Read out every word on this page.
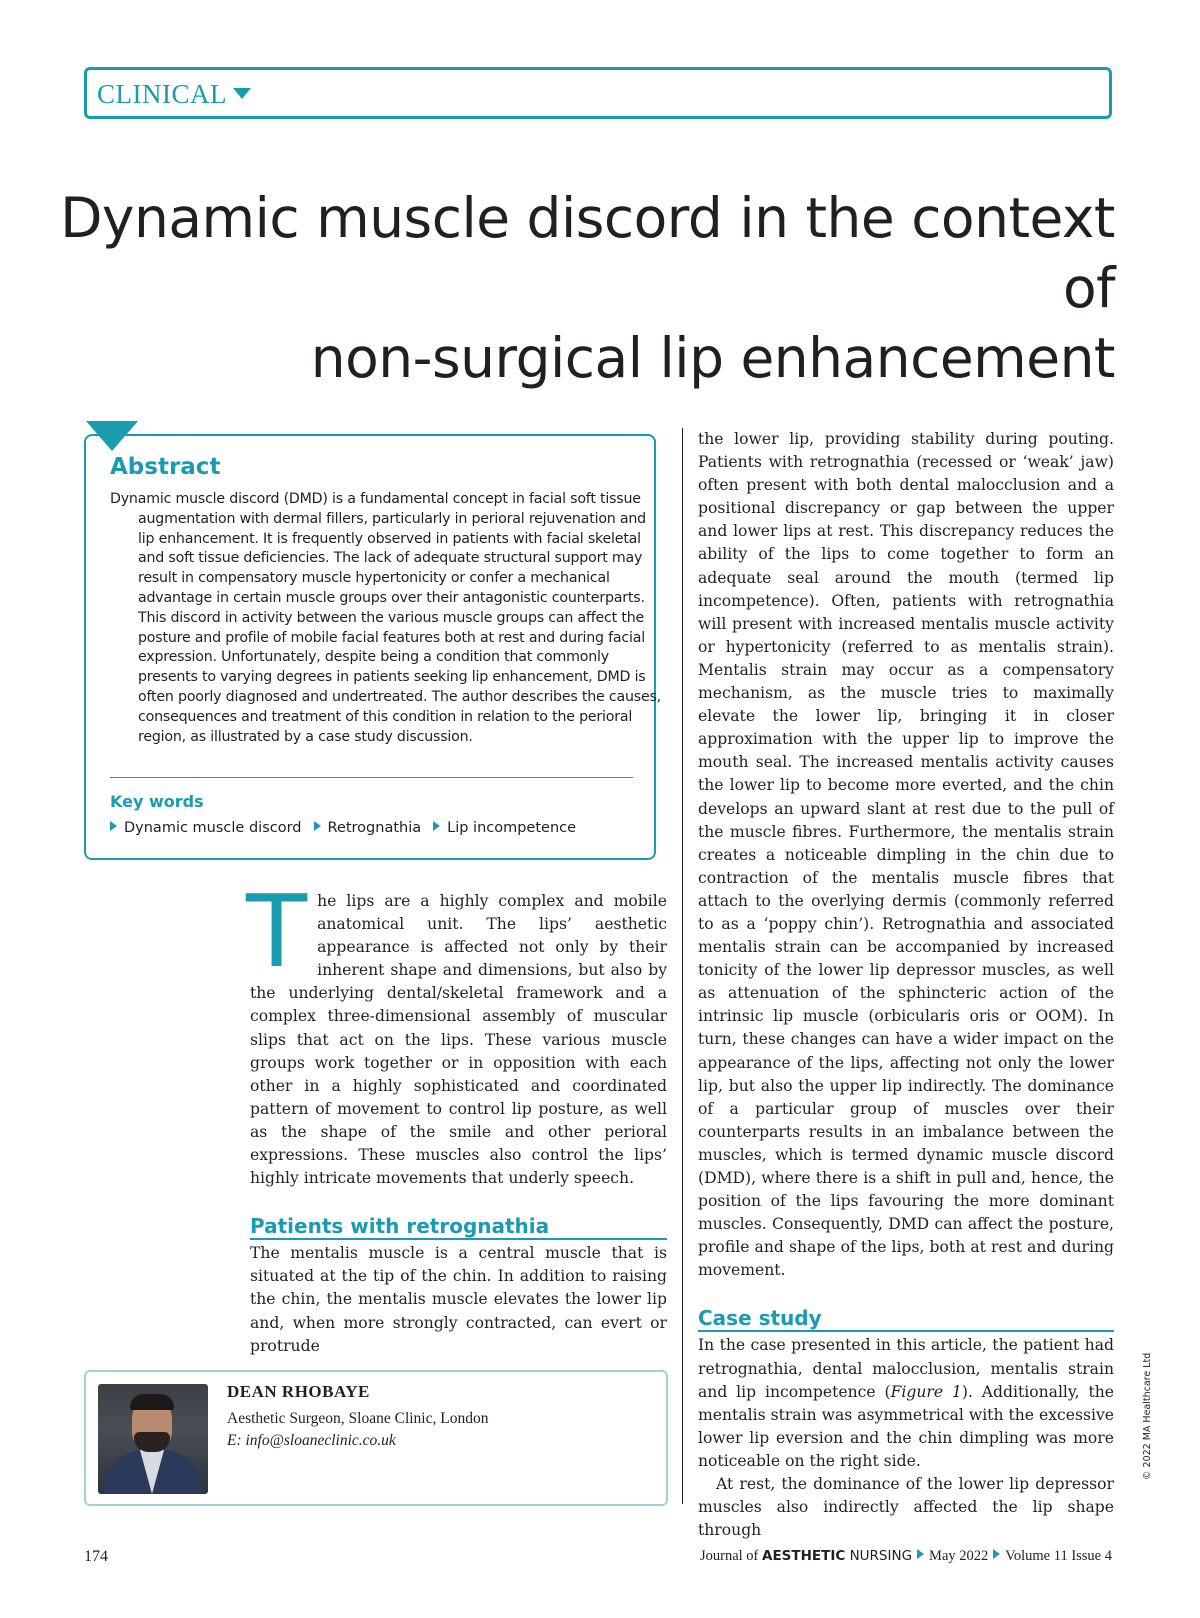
CLINICAL
Dynamic muscle discord in the context of
non-surgical lip enhancement
Abstract

Dynamic muscle discord (DMD) is a fundamental concept in facial soft tissue augmentation with dermal fillers, particularly in perioral rejuvenation and lip enhancement. It is frequently observed in patients with facial skeletal and soft tissue deficiencies. The lack of adequate structural support may result in compensatory muscle hypertonicity or confer a mechanical advantage in certain muscle groups over their antagonistic counterparts. This discord in activity between the various muscle groups can affect the posture and profile of mobile facial features both at rest and during facial expression. Unfortunately, despite being a condition that commonly presents to varying degrees in patients seeking lip enhancement, DMD is often poorly diagnosed and undertreated. The author describes the causes, consequences and treatment of this condition in relation to the perioral region, as illustrated by a case study discussion.

Key words
Dynamic muscle discord Retrognathia Lip incompetence

The lips are a highly complex and mobile anatomical unit. The lips’ aesthetic appearance is affected not only by their inherent shape and dimensions, but also by the underlying dental/skeletal framework and a complex three-dimensional assembly of muscular slips that act on the lips. These various muscle groups work together or in opposition with each other in a highly sophisticated and coordinated pattern of movement to control lip posture, as well as the shape of the smile and other perioral expressions. These muscles also control the lips’ highly intricate movements that underly speech.

Patients with retrognathia

The mentalis muscle is a central muscle that is situated at the tip of the chin. In addition to raising the chin, the mentalis muscle elevates the lower lip and, when more strongly contracted, can evert or protrude

the lower lip, providing stability during pouting. Patients with retrognathia (recessed or ‘weak’ jaw) often present with both dental malocclusion and a positional discrepancy or gap between the upper and lower lips at rest. This discrepancy reduces the ability of the lips to come together to form an adequate seal around the mouth (termed lip incompetence). Often, patients with retrognathia will present with increased mentalis muscle activity or hypertonicity (referred to as mentalis strain). Mentalis strain may occur as a compensatory mechanism, as the muscle tries to maximally elevate the lower lip, bringing it in closer approximation with the upper lip to improve the mouth seal. The increased mentalis activity causes the lower lip to become more everted, and the chin develops an upward slant at rest due to the pull of the muscle fibres. Furthermore, the mentalis strain creates a noticeable dimpling in the chin due to contraction of the mentalis muscle fibres that attach to the overlying dermis (commonly referred to as a ‘poppy chin’). Retrognathia and associated mentalis strain can be accompanied by increased tonicity of the lower lip depressor muscles, as well as attenuation of the sphincteric action of the intrinsic lip muscle (orbicularis oris or OOM). In turn, these changes can have a wider impact on the appearance of the lips, affecting not only the lower lip, but also the upper lip indirectly. The dominance of a particular group of muscles over their counterparts results in an imbalance between the muscles, which is termed dynamic muscle discord (DMD), where there is a shift in pull and, hence, the position of the lips favouring the more dominant muscles. Consequently, DMD can affect the posture, profile and shape of the lips, both at rest and during movement.

Case study

In the case presented in this article, the patient had retrognathia, dental malocclusion, mentalis strain and lip incompetence (Figure 1). Additionally, the mentalis strain was asymmetrical with the excessive lower lip eversion and the chin dimpling was more noticeable on the right side.

At rest, the dominance of the lower lip depressor muscles also indirectly affected the lip shape through

DEAN RHOBAYE

Aesthetic Surgeon, Sloane Clinic, London

E: info@sloaneclinic.co.uk	© 2022 MA Healthcare Ltd

174	Journal of AESTHETIC NURSING May 2022 Volume 11 Issue 4
